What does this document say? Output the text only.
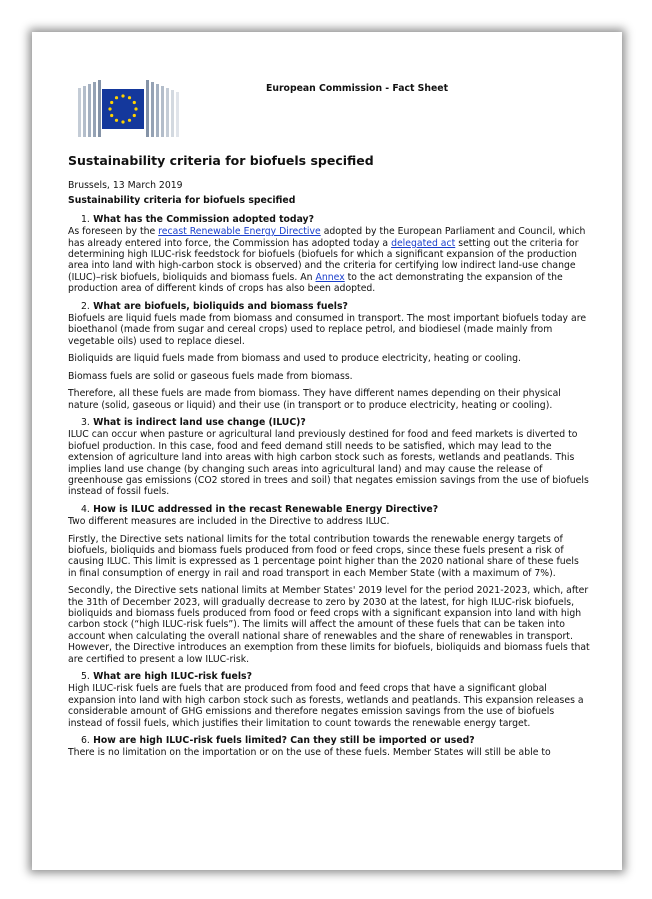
European Commission - Fact Sheet
Sustainability criteria for biofuels specified
Brussels, 13 March 2019
Sustainability criteria for biofuels specified
1. What has the Commission adopted today?

As foreseen by the recast Renewable Energy Directive adopted by the European Parliament and Council, which has already entered into force, the Commission has adopted today a delegated act setting out the criteria for determining high ILUC-risk feedstock for biofuels (biofuels for which a significant expansion of the production area into land with high-carbon stock is observed) and the criteria for certifying low indirect land-use change (ILUC)–risk biofuels, bioliquids and biomass fuels. An Annex to the act demonstrating the expansion of the production area of different kinds of crops has also been adopted.

2. What are biofuels, bioliquids and biomass fuels?

Biofuels are liquid fuels made from biomass and consumed in transport. The most important biofuels today are bioethanol (made from sugar and cereal crops) used to replace petrol, and biodiesel (made mainly from vegetable oils) used to replace diesel.

Bioliquids are liquid fuels made from biomass and used to produce electricity, heating or cooling.

Biomass fuels are solid or gaseous fuels made from biomass.

Therefore, all these fuels are made from biomass. They have different names depending on their physical nature (solid, gaseous or liquid) and their use (in transport or to produce electricity, heating or cooling).

3. What is indirect land use change (ILUC)?

ILUC can occur when pasture or agricultural land previously destined for food and feed markets is diverted to biofuel production. In this case, food and feed demand still needs to be satisfied, which may lead to the extension of agriculture land into areas with high carbon stock such as forests, wetlands and peatlands. This implies land use change (by changing such areas into agricultural land) and may cause the release of greenhouse gas emissions (CO2 stored in trees and soil) that negates emission savings from the use of biofuels instead of fossil fuels.

4. How is ILUC addressed in the recast Renewable Energy Directive?

Two different measures are included in the Directive to address ILUC.

Firstly, the Directive sets national limits for the total contribution towards the renewable energy targets of biofuels, bioliquids and biomass fuels produced from food or feed crops, since these fuels present a risk of causing ILUC. This limit is expressed as 1 percentage point higher than the 2020 national share of these fuels in final consumption of energy in rail and road transport in each Member State (with a maximum of 7%).

Secondly, the Directive sets national limits at Member States' 2019 level for the period 2021-2023, which, after the 31th of December 2023, will gradually decrease to zero by 2030 at the latest, for high ILUC-risk biofuels, bioliquids and biomass fuels produced from food or feed crops with a significant expansion into land with high carbon stock (“high ILUC-risk fuels”). The limits will affect the amount of these fuels that can be taken into account when calculating the overall national share of renewables and the share of renewables in transport. However, the Directive introduces an exemption from these limits for biofuels, bioliquids and biomass fuels that are certified to present a low ILUC-risk.

5. What are high ILUC-risk fuels?

High ILUC-risk fuels are fuels that are produced from food and feed crops that have a significant global expansion into land with high carbon stock such as forests, wetlands and peatlands. This expansion releases a considerable amount of GHG emissions and therefore negates emission savings from the use of biofuels instead of fossil fuels, which justifies their limitation to count towards the renewable energy target.

6. How are high ILUC-risk fuels limited? Can they still be imported or used?

There is no limitation on the importation or on the use of these fuels. Member States will still be able to
